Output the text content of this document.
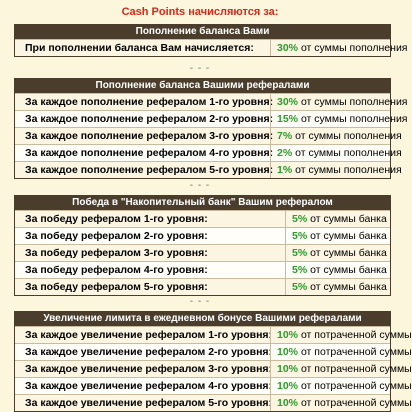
Cash Points начисляются за:
Пополнение баланса Вами
При пополнении баланса Вам начисляется:	30% от суммы пополнения
- - -
Пополнение баланса Вашими рефералами
За каждое пополнение рефералом 1-го уровня: 30% от суммы пополнения
За каждое пополнение рефералом 2-го уровня: 15% от суммы пополнения
За каждое пополнение рефералом 3-го уровня: 7% от суммы пополнения
За каждое пополнение рефералом 4-го уровня: 2% от суммы пополнения
За каждое пополнение рефералом 5-го уровня: 1% от суммы пополнения
- - -
Победа в "Накопительный банк" Вашим рефералом
За победу рефералом 1-го уровня:	5% от суммы банка
За победу рефералом 2-го уровня:	5% от суммы банка
За победу рефералом 3-го уровня:	5% от суммы банка
За победу рефералом 4-го уровня:	5% от суммы банка
За победу рефералом 5-го уровня:	5% от суммы банка
- - -
Увеличение лимита в ежедневном бонусе Вашими рефералами
За каждое увеличение рефералом 1-го уровня: 10% от потраченной суммы
За каждое увеличение рефералом 2-го уровня: 10% от потраченной суммы
За каждое увеличение рефералом 3-го уровня: 10% от потраченной суммы
За каждое увеличение рефералом 4-го уровня: 10% от потраченной суммы
За каждое увеличение рефералом 5-го уровня: 10% от потраченной суммы
